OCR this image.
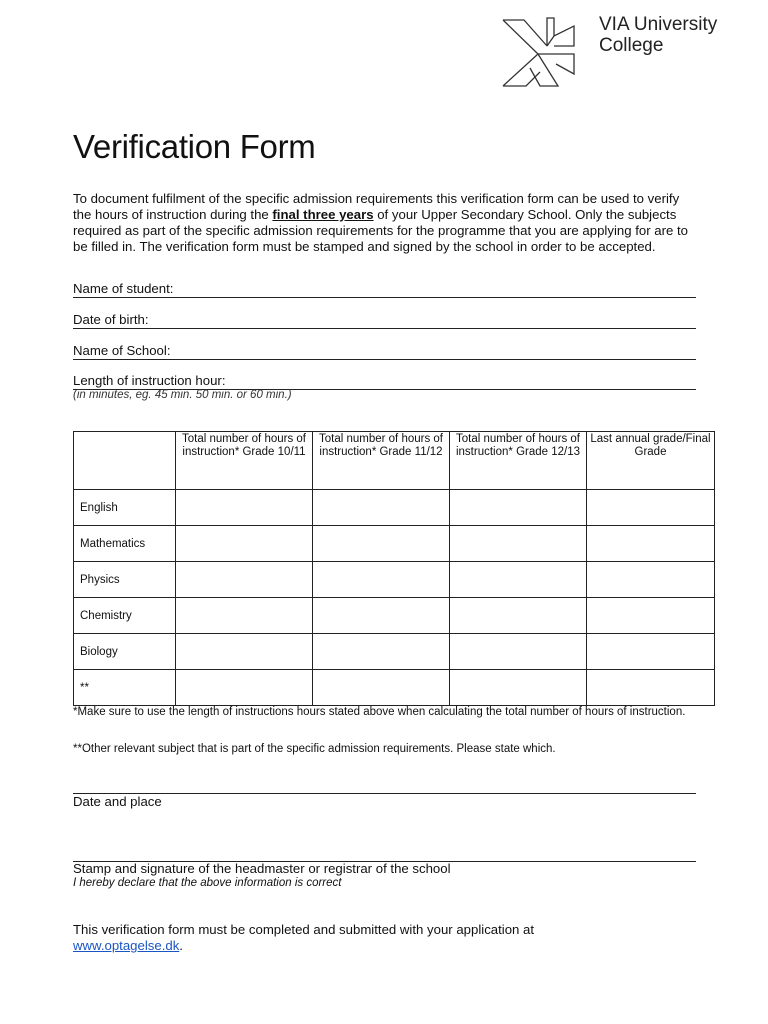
VIA University
College
Verification Form
To document fulfilment of the specific admission requirements this verification form can be used to verify the hours of instruction during the final three years of your Upper Secondary School. Only the subjects required as part of the specific admission requirements for the programme that you are applying for are to be filled in. The verification form must be stamped and signed by the school in order to be accepted.
Name of student:
Date of birth:
Name of School:
Length of instruction hour:
(in minutes, eg. 45 min. 50 min. or 60 min.)
	Total number of hours of instruction* Grade 10/11	Total number of hours of instruction* Grade 11/12	Total number of hours of instruction* Grade 12/13	Last annual grade/Final Grade
English				
Mathematics				
Physics				
Chemistry				
Biology				
**				
*Make sure to use the length of instructions hours stated above when calculating the total number of hours of instruction.
**Other relevant subject that is part of the specific admission requirements. Please state which.
Date and place
Stamp and signature of the headmaster or registrar of the school
I hereby declare that the above information is correct
This verification form must be completed and submitted with your application at
www.optagelse.dk.
